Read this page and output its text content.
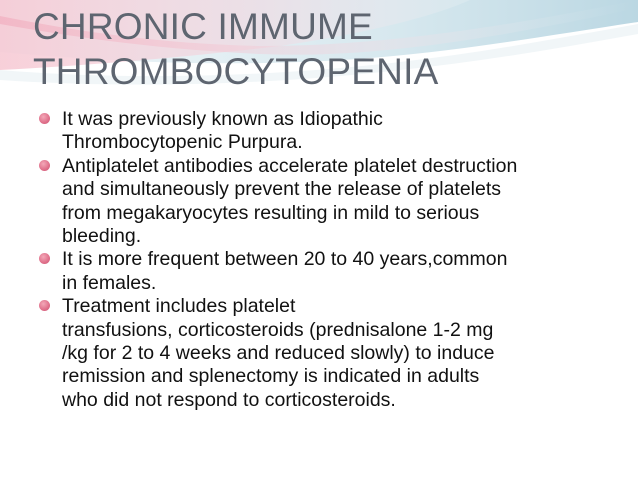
CHRONIC IMMUME
THROMBOCYTOPENIA
It was previously known as Idiopathic
Thrombocytopenic Purpura.
Antiplatelet antibodies accelerate platelet destruction
and simultaneously prevent the release of platelets
from megakaryocytes resulting in mild to serious
bleeding.
It is more frequent between 20 to 40 years,common
in females.
Treatment includes platelet
transfusions, corticosteroids (prednisalone 1-2 mg
/kg for 2 to 4 weeks and reduced slowly) to induce
remission and splenectomy is indicated in adults
who did not respond to corticosteroids.
